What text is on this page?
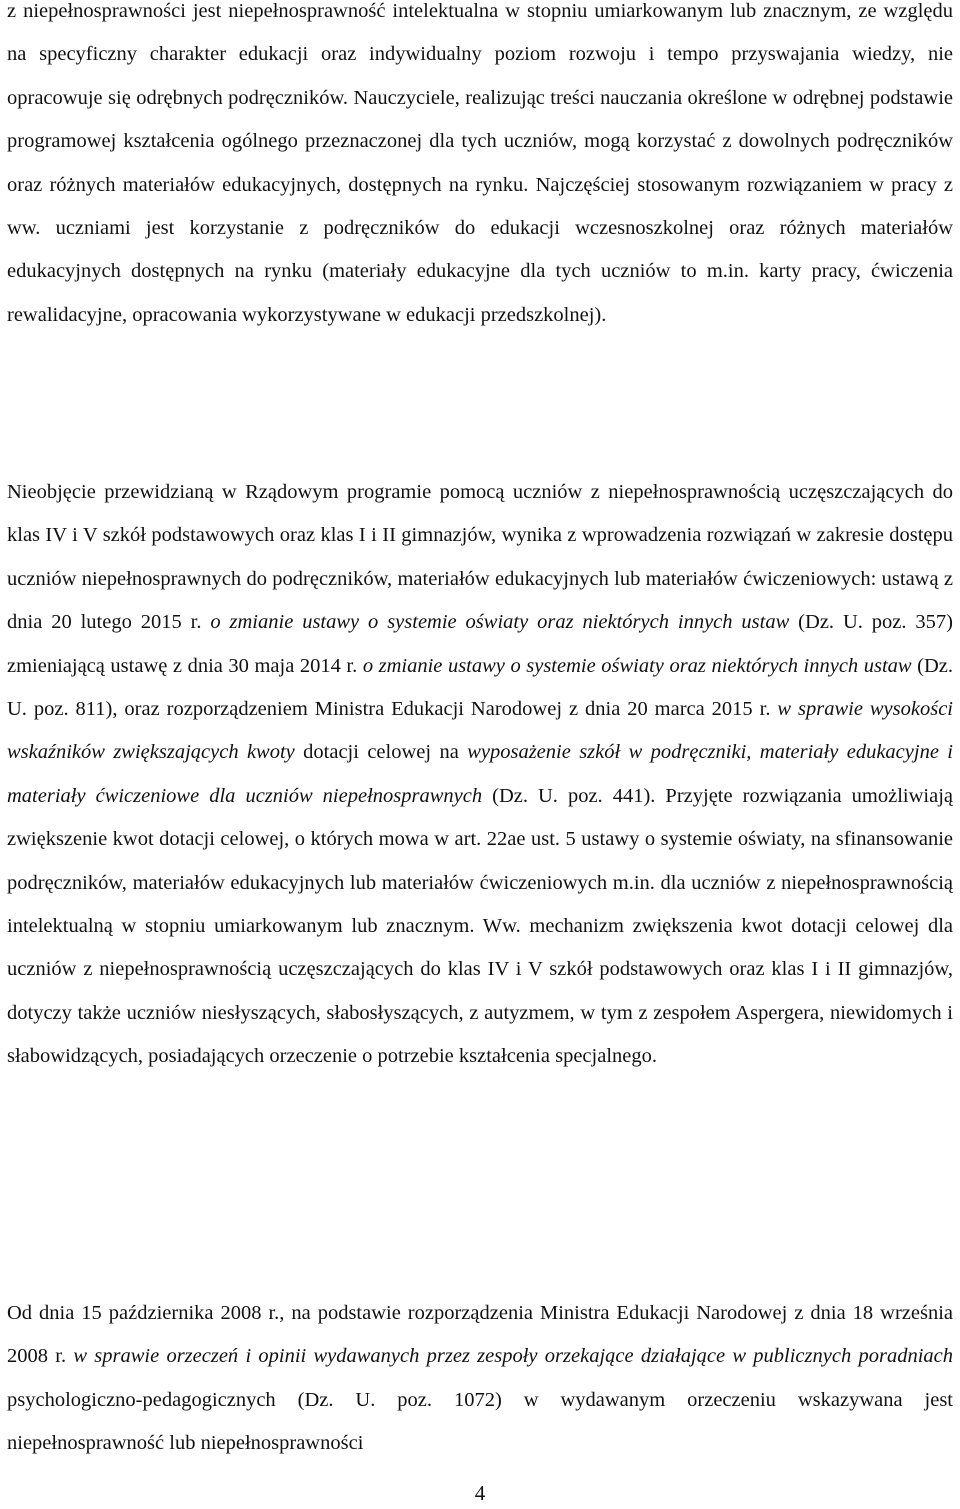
z niepełnosprawności jest niepełnosprawność intelektualna w stopniu umiarkowanym lub znacznym, ze względu na specyficzny charakter edukacji oraz indywidualny poziom rozwoju i tempo przyswajania wiedzy, nie opracowuje się odrębnych podręczników. Nauczyciele, realizując treści nauczania określone w odrębnej podstawie programowej kształcenia ogólnego przeznaczonej dla tych uczniów, mogą korzystać z dowolnych podręczników oraz różnych materiałów edukacyjnych, dostępnych na rynku. Najczęściej stosowanym rozwiązaniem w pracy z ww. uczniami jest korzystanie z podręczników do edukacji wczesnoszkolnej oraz różnych materiałów edukacyjnych dostępnych na rynku (materiały edukacyjne dla tych uczniów to m.in. karty pracy, ćwiczenia rewalidacyjne, opracowania wykorzystywane w edukacji przedszkolnej).

Nieobjęcie przewidzianą w Rządowym programie pomocą uczniów z niepełnosprawnością uczęszczających do klas IV i V szkół podstawowych oraz klas I i II gimnazjów, wynika z wprowadzenia rozwiązań w zakresie dostępu uczniów niepełnosprawnych do podręczników, materiałów edukacyjnych lub materiałów ćwiczeniowych: ustawą z dnia 20 lutego 2015 r. o zmianie ustawy o systemie oświaty oraz niektórych innych ustaw (Dz. U. poz. 357) zmieniającą ustawę z dnia 30 maja 2014 r. o zmianie ustawy o systemie oświaty oraz niektórych innych ustaw (Dz. U. poz. 811), oraz rozporządzeniem Ministra Edukacji Narodowej z dnia 20 marca 2015 r. w sprawie wysokości wskaźników zwiększających kwoty dotacji celowej na wyposażenie szkół w podręczniki, materiały edukacyjne i materiały ćwiczeniowe dla uczniów niepełnosprawnych (Dz. U. poz. 441). Przyjęte rozwiązania umożliwiają zwiększenie kwot dotacji celowej, o których mowa w art. 22ae ust. 5 ustawy o systemie oświaty, na sfinansowanie podręczników, materiałów edukacyjnych lub materiałów ćwiczeniowych m.in. dla uczniów z niepełnosprawnością intelektualną w stopniu umiarkowanym lub znacznym. Ww. mechanizm zwiększenia kwot dotacji celowej dla uczniów z niepełnosprawnością uczęszczających do klas IV i V szkół podstawowych oraz klas I i II gimnazjów, dotyczy także uczniów niesłyszących, słabosłyszących, z autyzmem, w tym z zespołem Aspergera, niewidomych i słabowidzących, posiadających orzeczenie o potrzebie kształcenia specjalnego.

Od dnia 15 października 2008 r., na podstawie rozporządzenia Ministra Edukacji Narodowej z dnia 18 września 2008 r. w sprawie orzeczeń i opinii wydawanych przez zespoły orzekające działające w publicznych poradniach psychologiczno-pedagogicznych (Dz. U. poz. 1072) w wydawanym orzeczeniu wskazywana jest niepełnosprawność lub niepełnosprawności

4
